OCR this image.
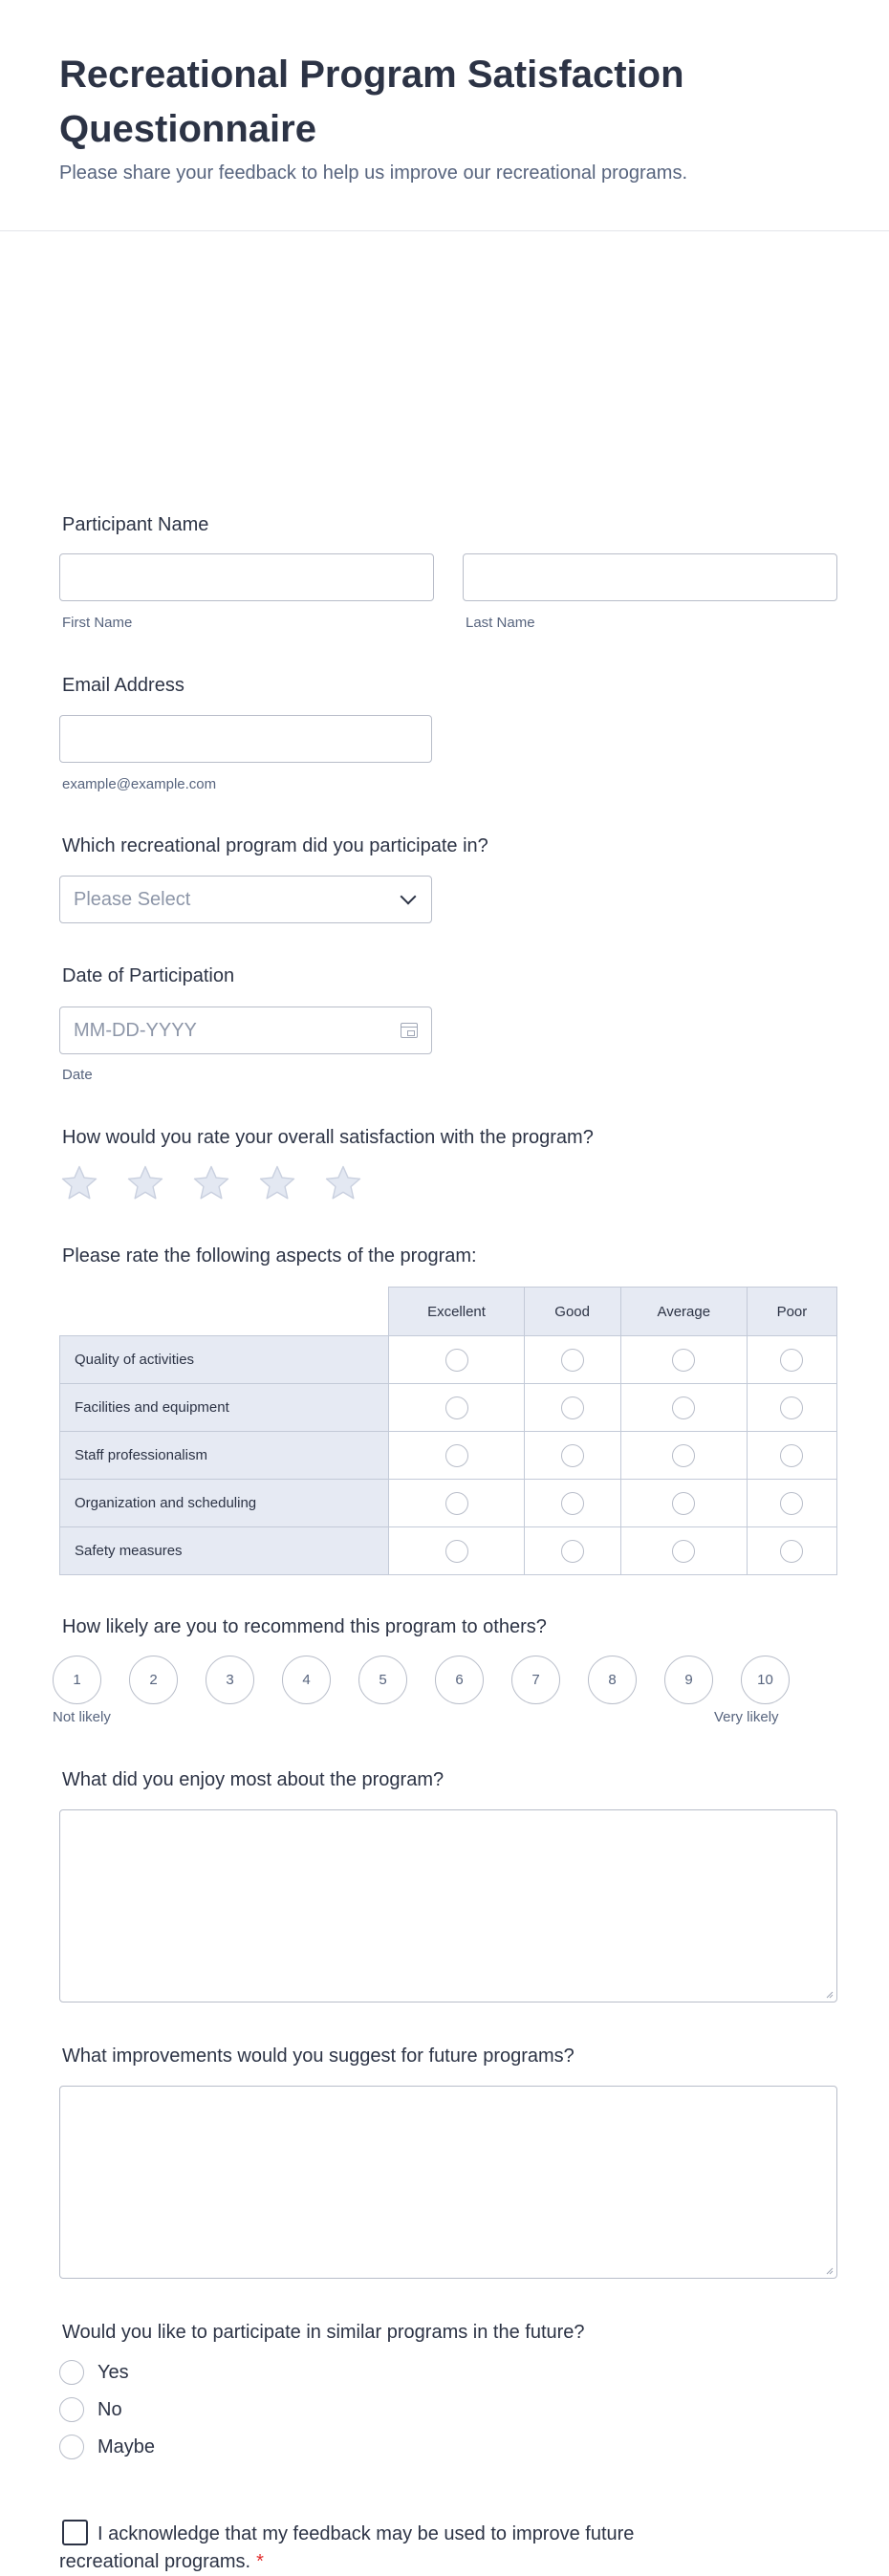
Recreational Program Satisfaction Questionnaire
Please share your feedback to help us improve our recreational programs.
Participant Name
First Name	Last Name
Email Address
example@example.com
Which recreational program did you participate in?
Please Select
Date of Participation
MM-DD-YYYY
Date
How would you rate your overall satisfaction with the program?
Please rate the following aspects of the program:
	Excellent	Good	Average	Poor
Quality of activities				
Facilities and equipment				
Staff professionalism				
Organization and scheduling				
Safety measures				
How likely are you to recommend this program to others?
1	2	3	4	5	6	7	8	9	10
Not likely	Very likely
What did you enjoy most about the program?
What improvements would you suggest for future programs?
Would you like to participate in similar programs in the future?
Yes
No
Maybe
I acknowledge that my feedback may be used to improve future recreational programs. *
